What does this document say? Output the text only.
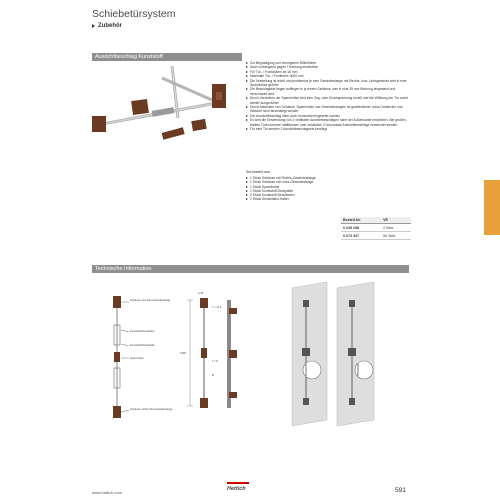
Schiebetürsystem
Zubehör
Ausrichtbeschlag Kunststoff
Zur Begradigung von verzogenen Möbeltüren
Auch vorbeugend gegen Türverzug einsetzbar
Für Tür- / Frontdicken ab 16 mm
Maximale Tür- / Fronthöhe 3000 mm
Die Verstellung ist leicht und problemlos je eine Gewindestange mit Rechts- bzw. Linksgewinde wird in eine Spannhülse geführt
Die Beschlagteile liegen aufliegen in je einem Gehäuse, das in eine 35 mm Bohrung eingesetzt und verschraubt wird
Durch Verdrehen der Spannhülse wird eine Zug- oder Druckspannung erzielt und die Wölbung der Tür somit wieder ausgerichtet
Durch Abdecken von Gehäuse, Spannhülse und Gewindestangen ist gewährleistet, dass Garderobe und Wäsche nicht beschädigt werden
Der Ausrichtbeschlag kann auch horizontal eingesetzt werden
Es wird die Verwendung von 2 vertikalen Ausrichtbeschlägen nahe der Außenkante empfohlen. Bei großen, breiten Türen können stattdessen oder zusätzlich 2 horizontale Ausrichtbeschläge verwendet werden
Für eine Tür werden 2 Ausrichtbeschlagsets benötigt
Set besteht aus:
1 Stück Gehäuse mit Rechts-Gewindestange
1 Stück Gehäuse mit Links-Gewindestange
1 Stück Spannhülse
1 Stück Kunststoff-Deckplatte
2 Stück Kunststoff-Deckleisten
2 Stück Deckleisten-Halter
Bestell-Nr.	VE
0 045 198	2 Sets
0 073 347	50 Sets
Technische Information
Gehäuse mit Links-Gewindestange
Kunststoff-Deckleiste
Kunststoff-Deckplatte
Spannhülse
Gehäuse mit Rechts-Gewindestange
1638
ø 35
T = 11,5
T = 8
M
www.hettich.com
Hettich	591
